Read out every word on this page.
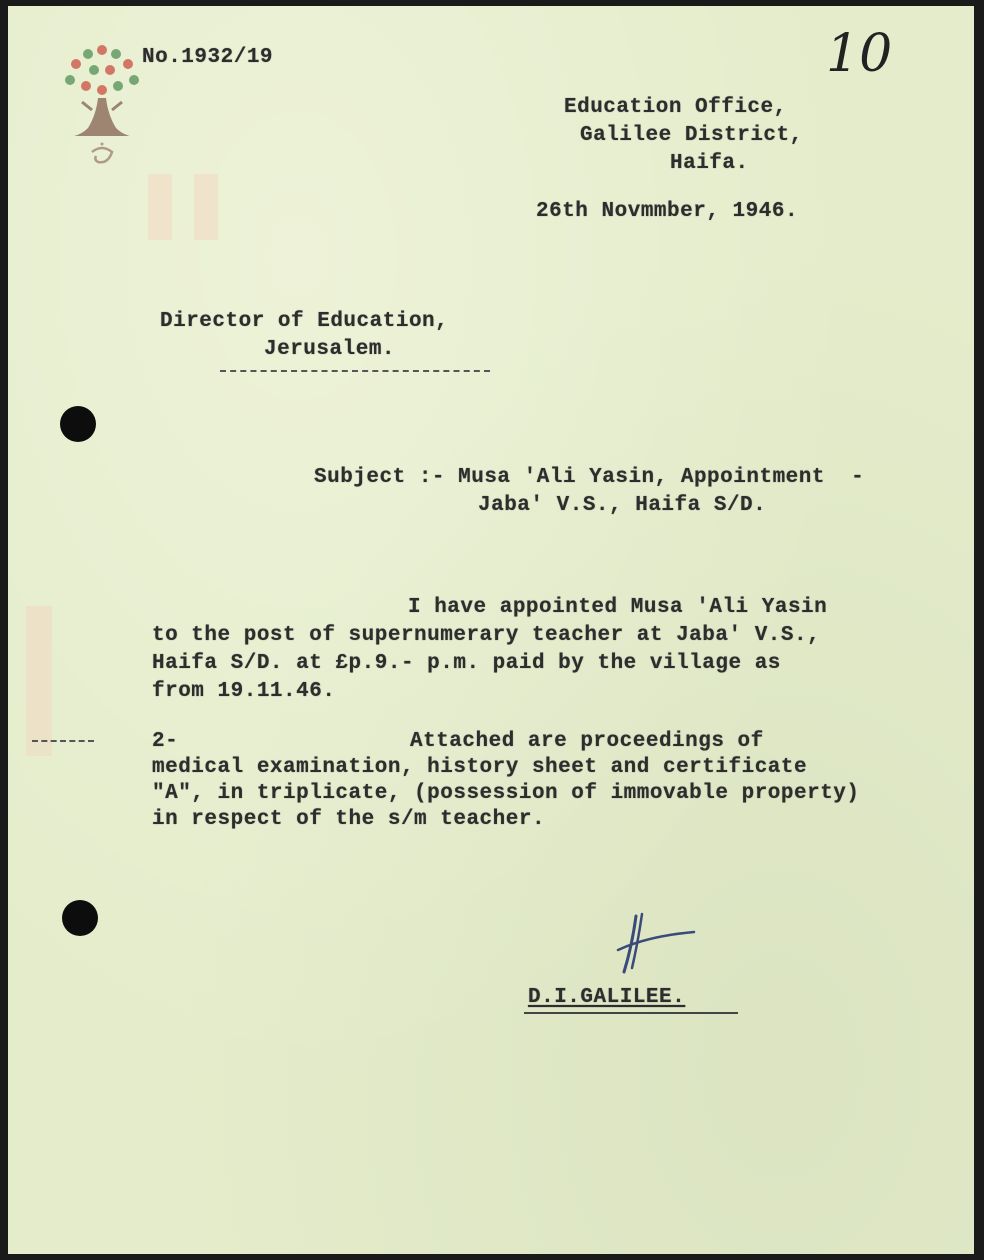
No.1932/19	10
Education Office,
Galilee District,
Haifa.
26th Novmmber, 1946.
Director of Education,
Jerusalem.
Subject :- Musa 'Ali Yasin, Appointment  -
Jaba' V.S., Haifa S/D.
I have appointed Musa 'Ali Yasin
to the post of supernumerary teacher at Jaba' V.S.,
Haifa S/D. at £p.9.- p.m. paid by the village as
from 19.11.46.
2-	Attached are proceedings of
medical examination, history sheet and certificate
"A", in triplicate, (possession of immovable property)
in respect of the s/m teacher.
D.I.GALILEE.
